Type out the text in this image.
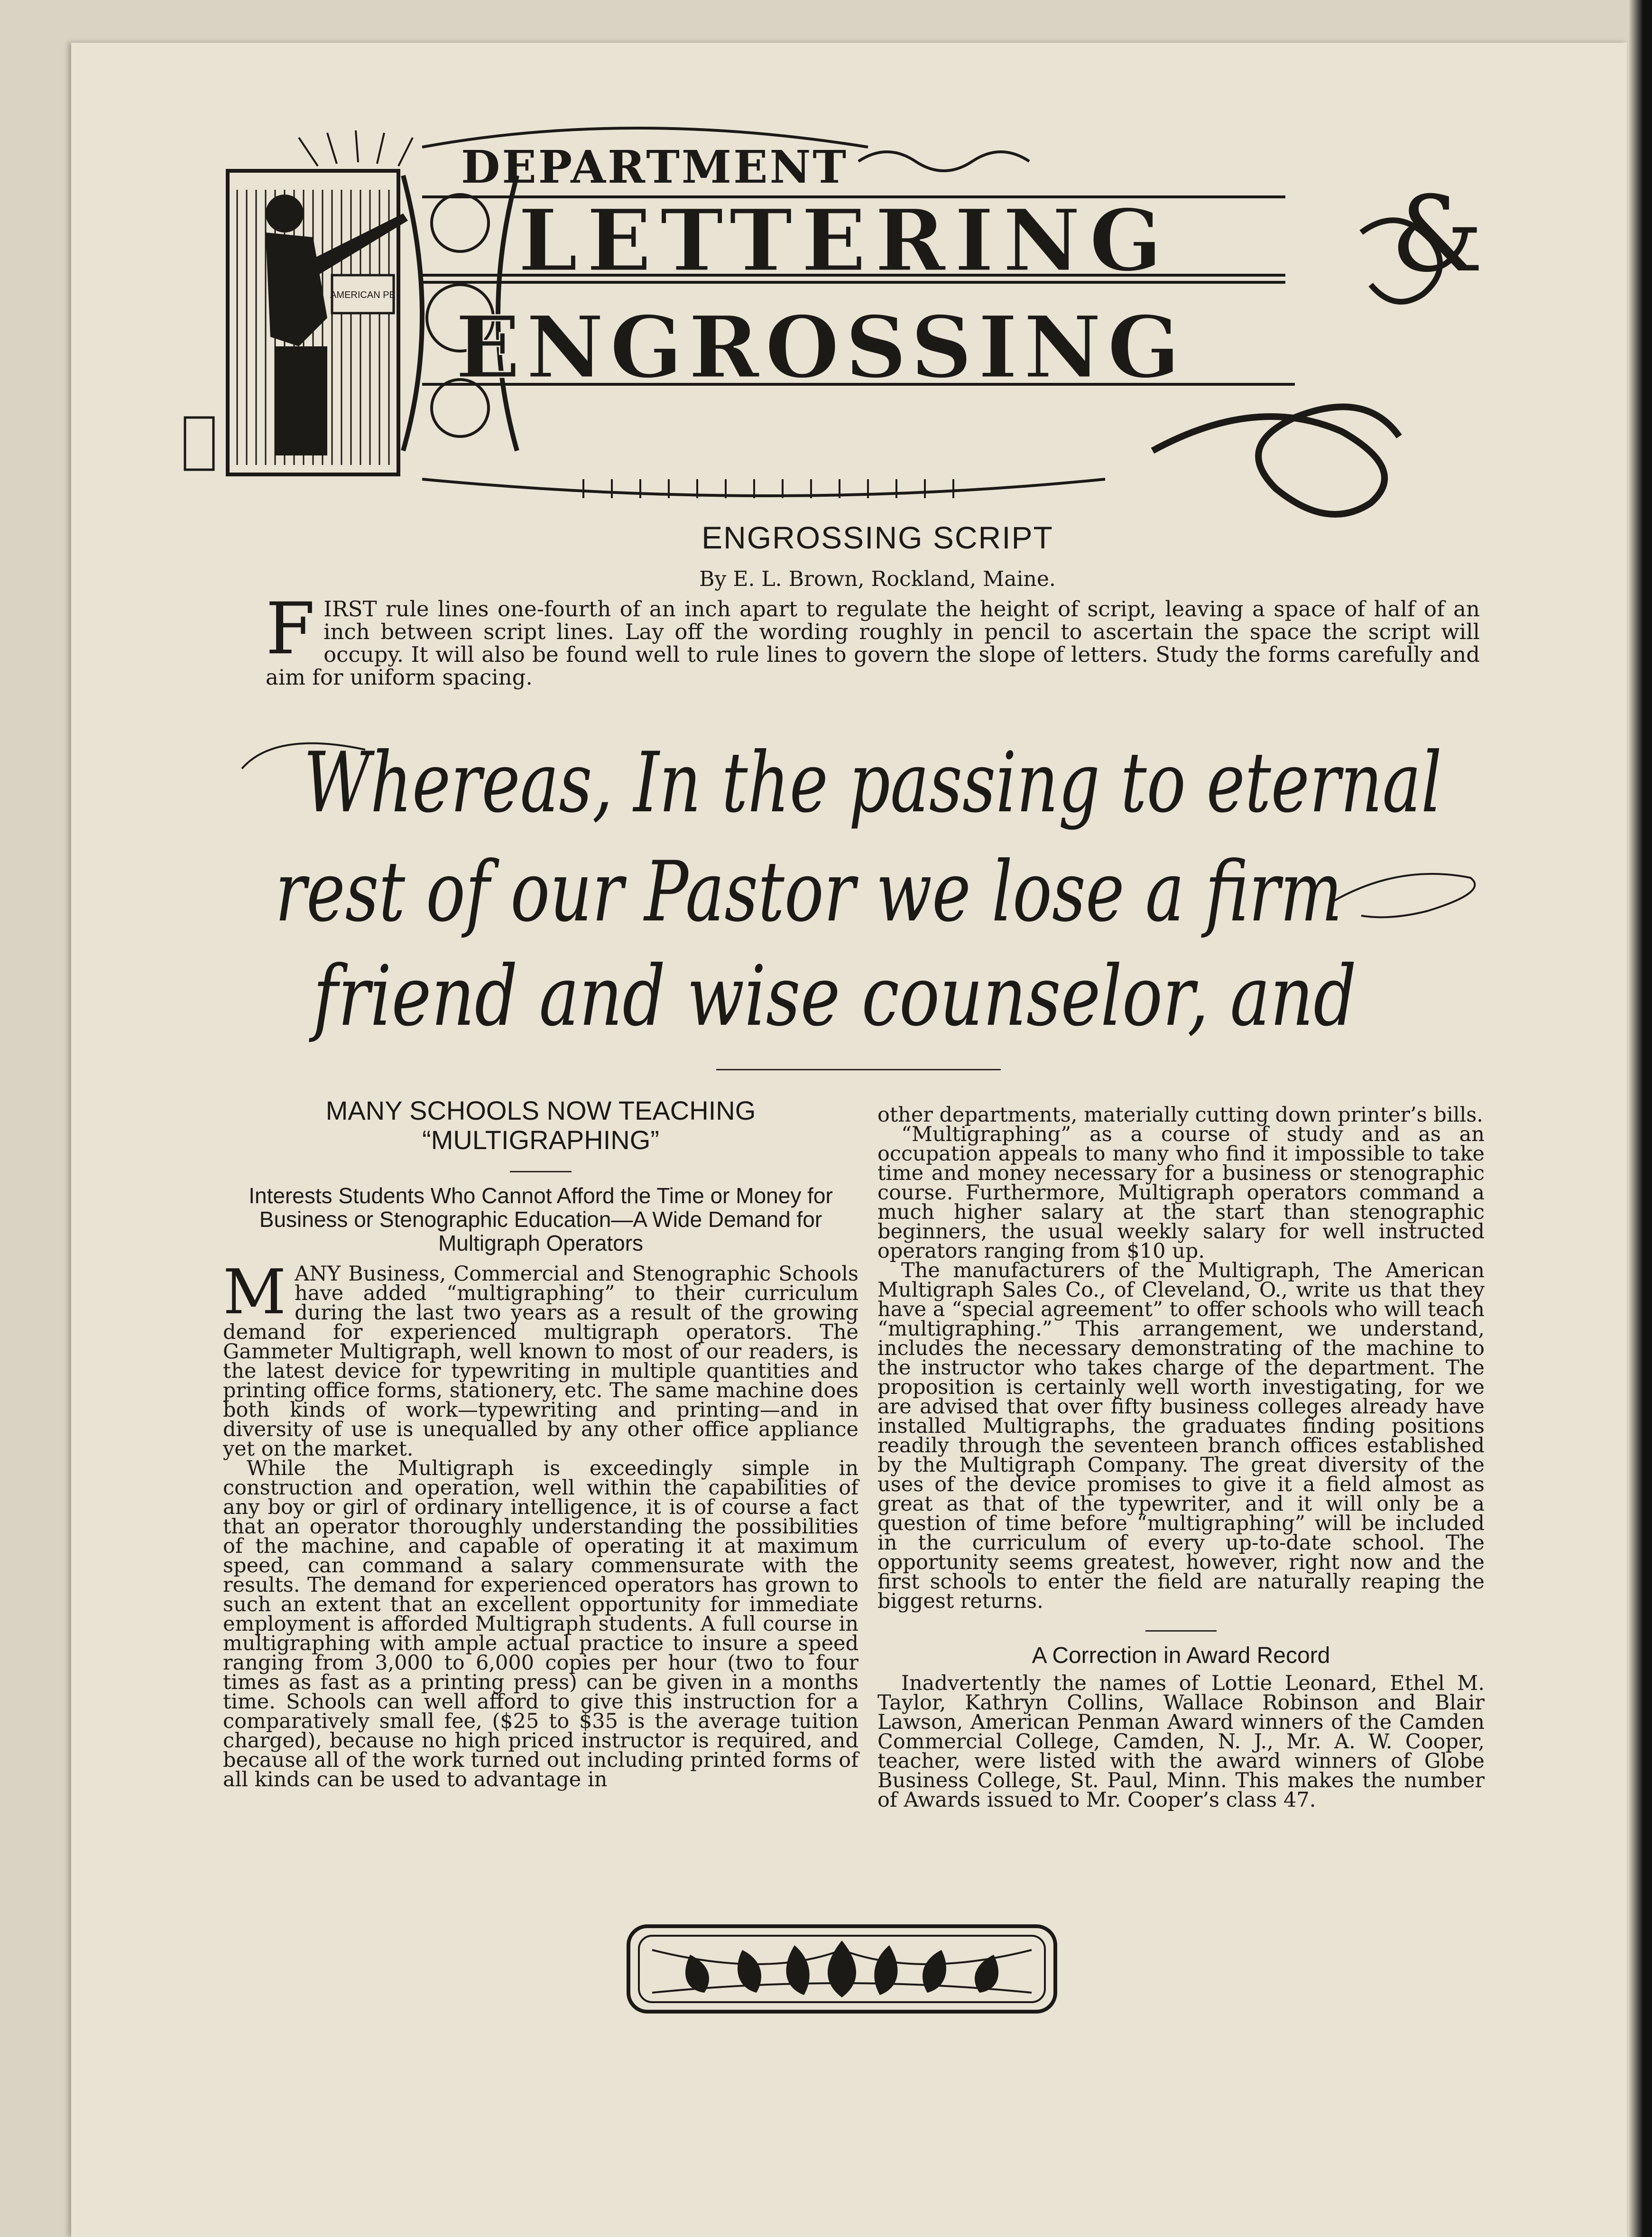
AMERICAN PE
DEPARTMENT
LETTERING &
ENGROSSING
ENGROSSING SCRIPT
By E. L. Brown, Rockland, Maine.
F IRST rule lines one-fourth of an inch apart to regulate the height of script, leaving a space of half of an inch between script lines. Lay off the wording roughly in pencil to ascertain the space the script will occupy. It will also be found well to rule lines to govern the slope of letters. Study the forms carefully and aim for uniform spacing.
Whereas, In the passing to eternal
rest of our Pastor we lose a firm
friend and wise counselor, and
MANY SCHOOLS NOW TEACHING
“MULTIGRAPHING”
Interests Students Who Cannot Afford the Time or Money for Business or Stenographic Education—A Wide Demand for Multigraph Operators

MANY Business, Commercial and Stenographic Schools have added “multigraphing” to their curriculum during the last two years as a result of the growing demand for experienced multigraph operators. The Gammeter Multigraph, well known to most of our readers, is the latest device for typewriting in multiple quantities and printing office forms, stationery, etc. The same machine does both kinds of work—typewriting and printing—and in diversity of use is unequalled by any other office appliance yet on the market.

While the Multigraph is exceedingly simple in construction and operation, well within the capabilities of any boy or girl of ordinary intelligence, it is of course a fact that an operator thoroughly understanding the possibilities of the machine, and capable of operating it at maximum speed, can command a salary commensurate with the results. The demand for experienced operators has grown to such an extent that an excellent opportunity for immediate employment is afforded Multigraph students. A full course in multigraphing with ample actual practice to insure a speed ranging from 3,000 to 6,000 copies per hour (two to four times as fast as a printing press) can be given in a months time. Schools can well afford to give this instruction for a comparatively small fee, ($25 to $35 is the average tuition charged), because no high priced instructor is required, and because all of the work turned out including printed forms of all kinds can be used to advantage in

other departments, materially cutting down printer’s bills.

“Multigraphing” as a course of study and as an occupation appeals to many who find it impossible to take time and money necessary for a business or stenographic course. Furthermore, Multigraph operators command a much higher salary at the start than stenographic beginners, the usual weekly salary for well instructed operators ranging from $10 up.

The manufacturers of the Multigraph, The American Multigraph Sales Co., of Cleveland, O., write us that they have a “special agreement” to offer schools who will teach “multigraphing.” This arrangement, we understand, includes the necessary demonstrating of the machine to the instructor who takes charge of the department. The proposition is certainly well worth investigating, for we are advised that over fifty business colleges already have installed Multigraphs, the graduates finding positions readily through the seventeen branch offices established by the Multigraph Company. The great diversity of the uses of the device promises to give it a field almost as great as that of the typewriter, and it will only be a question of time before “multigraphing” will be included in the curriculum of every up-to-date school. The opportunity seems greatest, however, right now and the first schools to enter the field are naturally reaping the biggest returns.

A Correction in Award Record

Inadvertently the names of Lottie Leonard, Ethel M. Taylor, Kathryn Collins, Wallace Robinson and Blair Lawson, American Penman Award winners of the Camden Commercial College, Camden, N. J., Mr. A. W. Cooper, teacher, were listed with the award winners of Globe Business College, St. Paul, Minn. This makes the number of Awards issued to Mr. Cooper’s class 47.
